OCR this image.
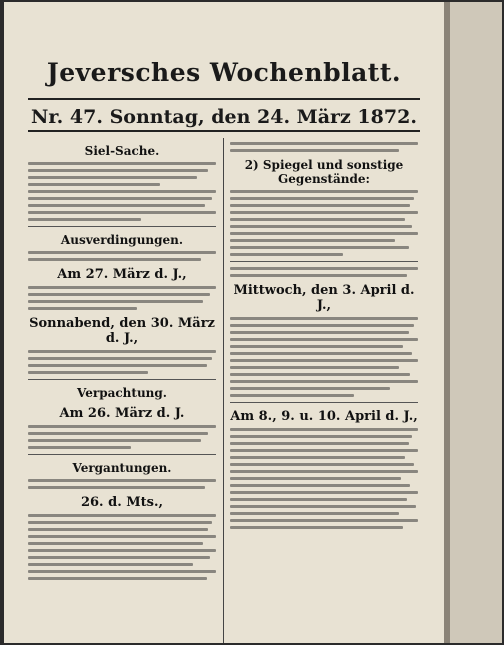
Jeversches Wochenblatt.
Nr. 47. Sonntag, den 24. März 1872.
Siel-Sache.
Ausverdingungen.
Am 27. März d. J.,
Sonnabend, den 30. März d. J.,
Verpachtung.
Am 26. März d. J.
Vergantungen.
26. d. Mts.,
2) Spiegel und sonstige Gegenstände:
Mittwoch, den 3. April d. J.,
Am 8., 9. u. 10. April d. J.,
